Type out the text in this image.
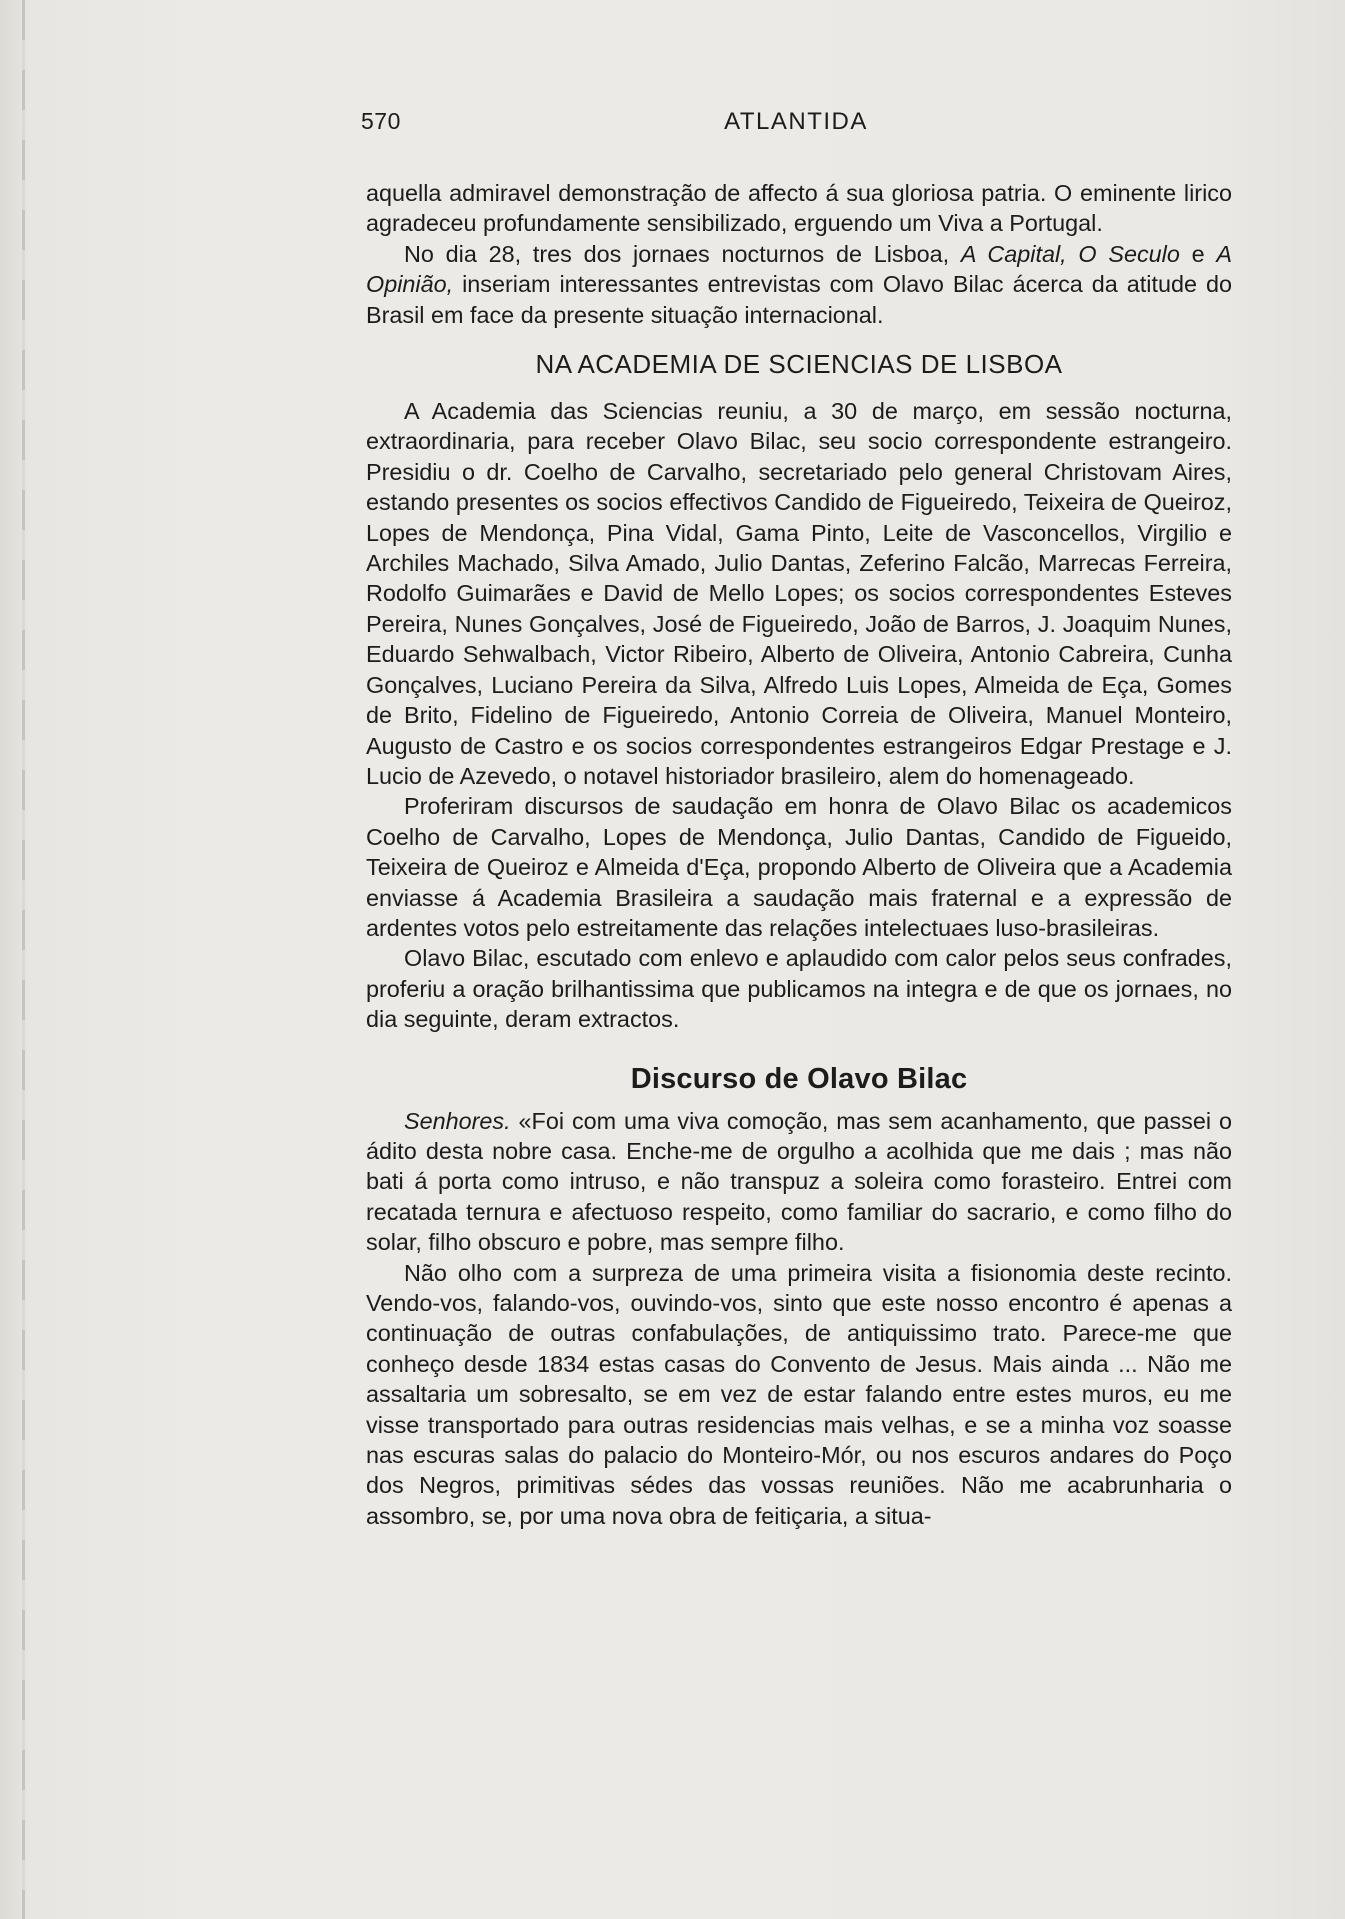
570	ATLANTIDA

aquella admiravel demonstração de affecto á sua gloriosa patria. O eminente lirico agradeceu profundamente sensibilizado, erguendo um Viva a Portugal.

No dia 28, tres dos jornaes nocturnos de Lisboa, A Capital, O Seculo e A Opinião, inseriam interessantes entrevistas com Olavo Bilac ácerca da atitude do Brasil em face da presente situação internacional.

NA ACADEMIA DE SCIENCIAS DE LISBOA

A Academia das Sciencias reuniu, a 30 de março, em sessão nocturna, extraordinaria, para receber Olavo Bilac, seu socio correspondente estrangeiro. Presidiu o dr. Coelho de Carvalho, secretariado pelo general Christovam Aires, estando presentes os socios effectivos Candido de Figueiredo, Teixeira de Queiroz, Lopes de Mendonça, Pina Vidal, Gama Pinto, Leite de Vasconcellos, Virgilio e Archiles Machado, Silva Amado, Julio Dantas, Zeferino Falcão, Marrecas Ferreira, Rodolfo Guimarães e David de Mello Lopes; os socios correspondentes Esteves Pereira, Nunes Gonçalves, José de Figueiredo, João de Barros, J. Joaquim Nunes, Eduardo Sehwalbach, Victor Ribeiro, Alberto de Oliveira, Antonio Cabreira, Cunha Gonçalves, Luciano Pereira da Silva, Alfredo Luis Lopes, Almeida de Eça, Gomes de Brito, Fidelino de Figueiredo, Antonio Correia de Oliveira, Manuel Monteiro, Augusto de Castro e os socios correspondentes estrangeiros Edgar Prestage e J. Lucio de Azevedo, o notavel historiador brasileiro, alem do homenageado.

Proferiram discursos de saudação em honra de Olavo Bilac os academicos Coelho de Carvalho, Lopes de Mendonça, Julio Dantas, Candido de Figueido, Teixeira de Queiroz e Almeida d'Eça, propondo Alberto de Oliveira que a Academia enviasse á Academia Brasileira a saudação mais fraternal e a expressão de ardentes votos pelo estreitamente das relações intelectuaes luso-brasileiras.

Olavo Bilac, escutado com enlevo e aplaudido com calor pelos seus confrades, proferiu a oração brilhantissima que publicamos na integra e de que os jornaes, no dia seguinte, deram extractos.

Discurso de Olavo Bilac

Senhores. «Foi com uma viva comoção, mas sem acanhamento, que passei o ádito desta nobre casa. Enche-me de orgulho a acolhida que me dais ; mas não bati á porta como intruso, e não transpuz a soleira como forasteiro. Entrei com recatada ternura e afectuoso respeito, como familiar do sacrario, e como filho do solar, filho obscuro e pobre, mas sempre filho.

Não olho com a surpreza de uma primeira visita a fisionomia deste recinto. Vendo-vos, falando-vos, ouvindo-vos, sinto que este nosso encontro é apenas a continuação de outras confabulações, de antiquissimo trato. Parece-me que conheço desde 1834 estas casas do Convento de Jesus. Mais ainda ... Não me assaltaria um sobresalto, se em vez de estar falando entre estes muros, eu me visse transportado para outras residencias mais velhas, e se a minha voz soasse nas escuras salas do palacio do Monteiro-Mór, ou nos escuros andares do Poço dos Negros, primitivas sédes das vossas reuniões. Não me acabrunharia o assombro, se, por uma nova obra de feitiçaria, a situa-
